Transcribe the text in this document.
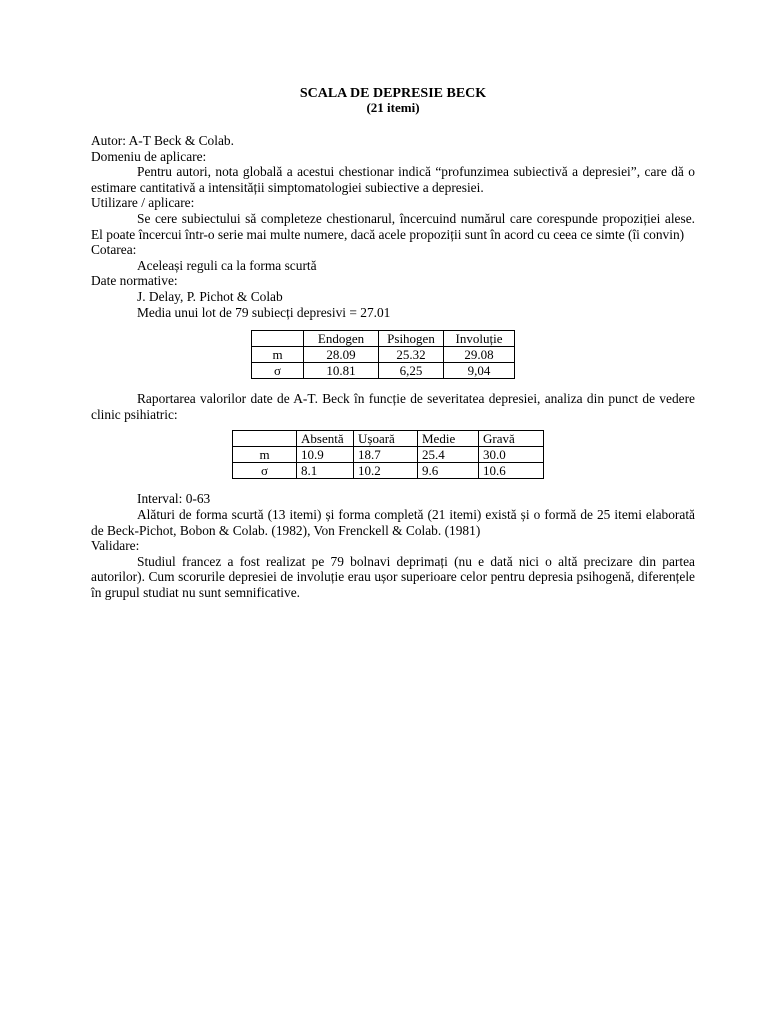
SCALA DE DEPRESIE BECK
(21 itemi)

Autor: A-T Beck & Colab.

Domeniu de aplicare:

Pentru autori, nota globală a acestui chestionar indică “profunzimea subiectivă a depresiei”, care dă o estimare cantitativă a intensității simptomatologiei subiective a depresiei.

Utilizare / aplicare:

Se cere subiectului să completeze chestionarul, încercuind numărul care corespunde propoziției alese. El poate încercui într-o serie mai multe numere, dacă acele propoziții sunt în acord cu ceea ce simte (îi convin)

Cotarea:

Aceleași reguli ca la forma scurtă

Date normative:

J. Delay, P. Pichot & Colab

Media unui lot de 79 subiecți depresivi = 27.01

	Endogen	Psihogen	Involuție
m	28.09	25.32	29.08
σ	10.81	6,25	9,04

Raportarea valorilor date de A-T. Beck în funcție de severitatea depresiei, analiza din punct de vedere clinic psihiatric:

	Absentă	Ușoară	Medie	Gravă
m	10.9	18.7	25.4	30.0
σ	8.1	10.2	9.6	10.6

Interval: 0-63

Alături de forma scurtă (13 itemi) și forma completă (21 itemi) există și o formă de 25 itemi elaborată de Beck-Pichot, Bobon & Colab. (1982), Von Frenckell & Colab. (1981)

Validare:

Studiul francez a fost realizat pe 79 bolnavi deprimați (nu e dată nici o altă precizare din partea autorilor). Cum scorurile depresiei de involuție erau ușor superioare celor pentru depresia psihogenă, diferențele în grupul studiat nu sunt semnificative.
